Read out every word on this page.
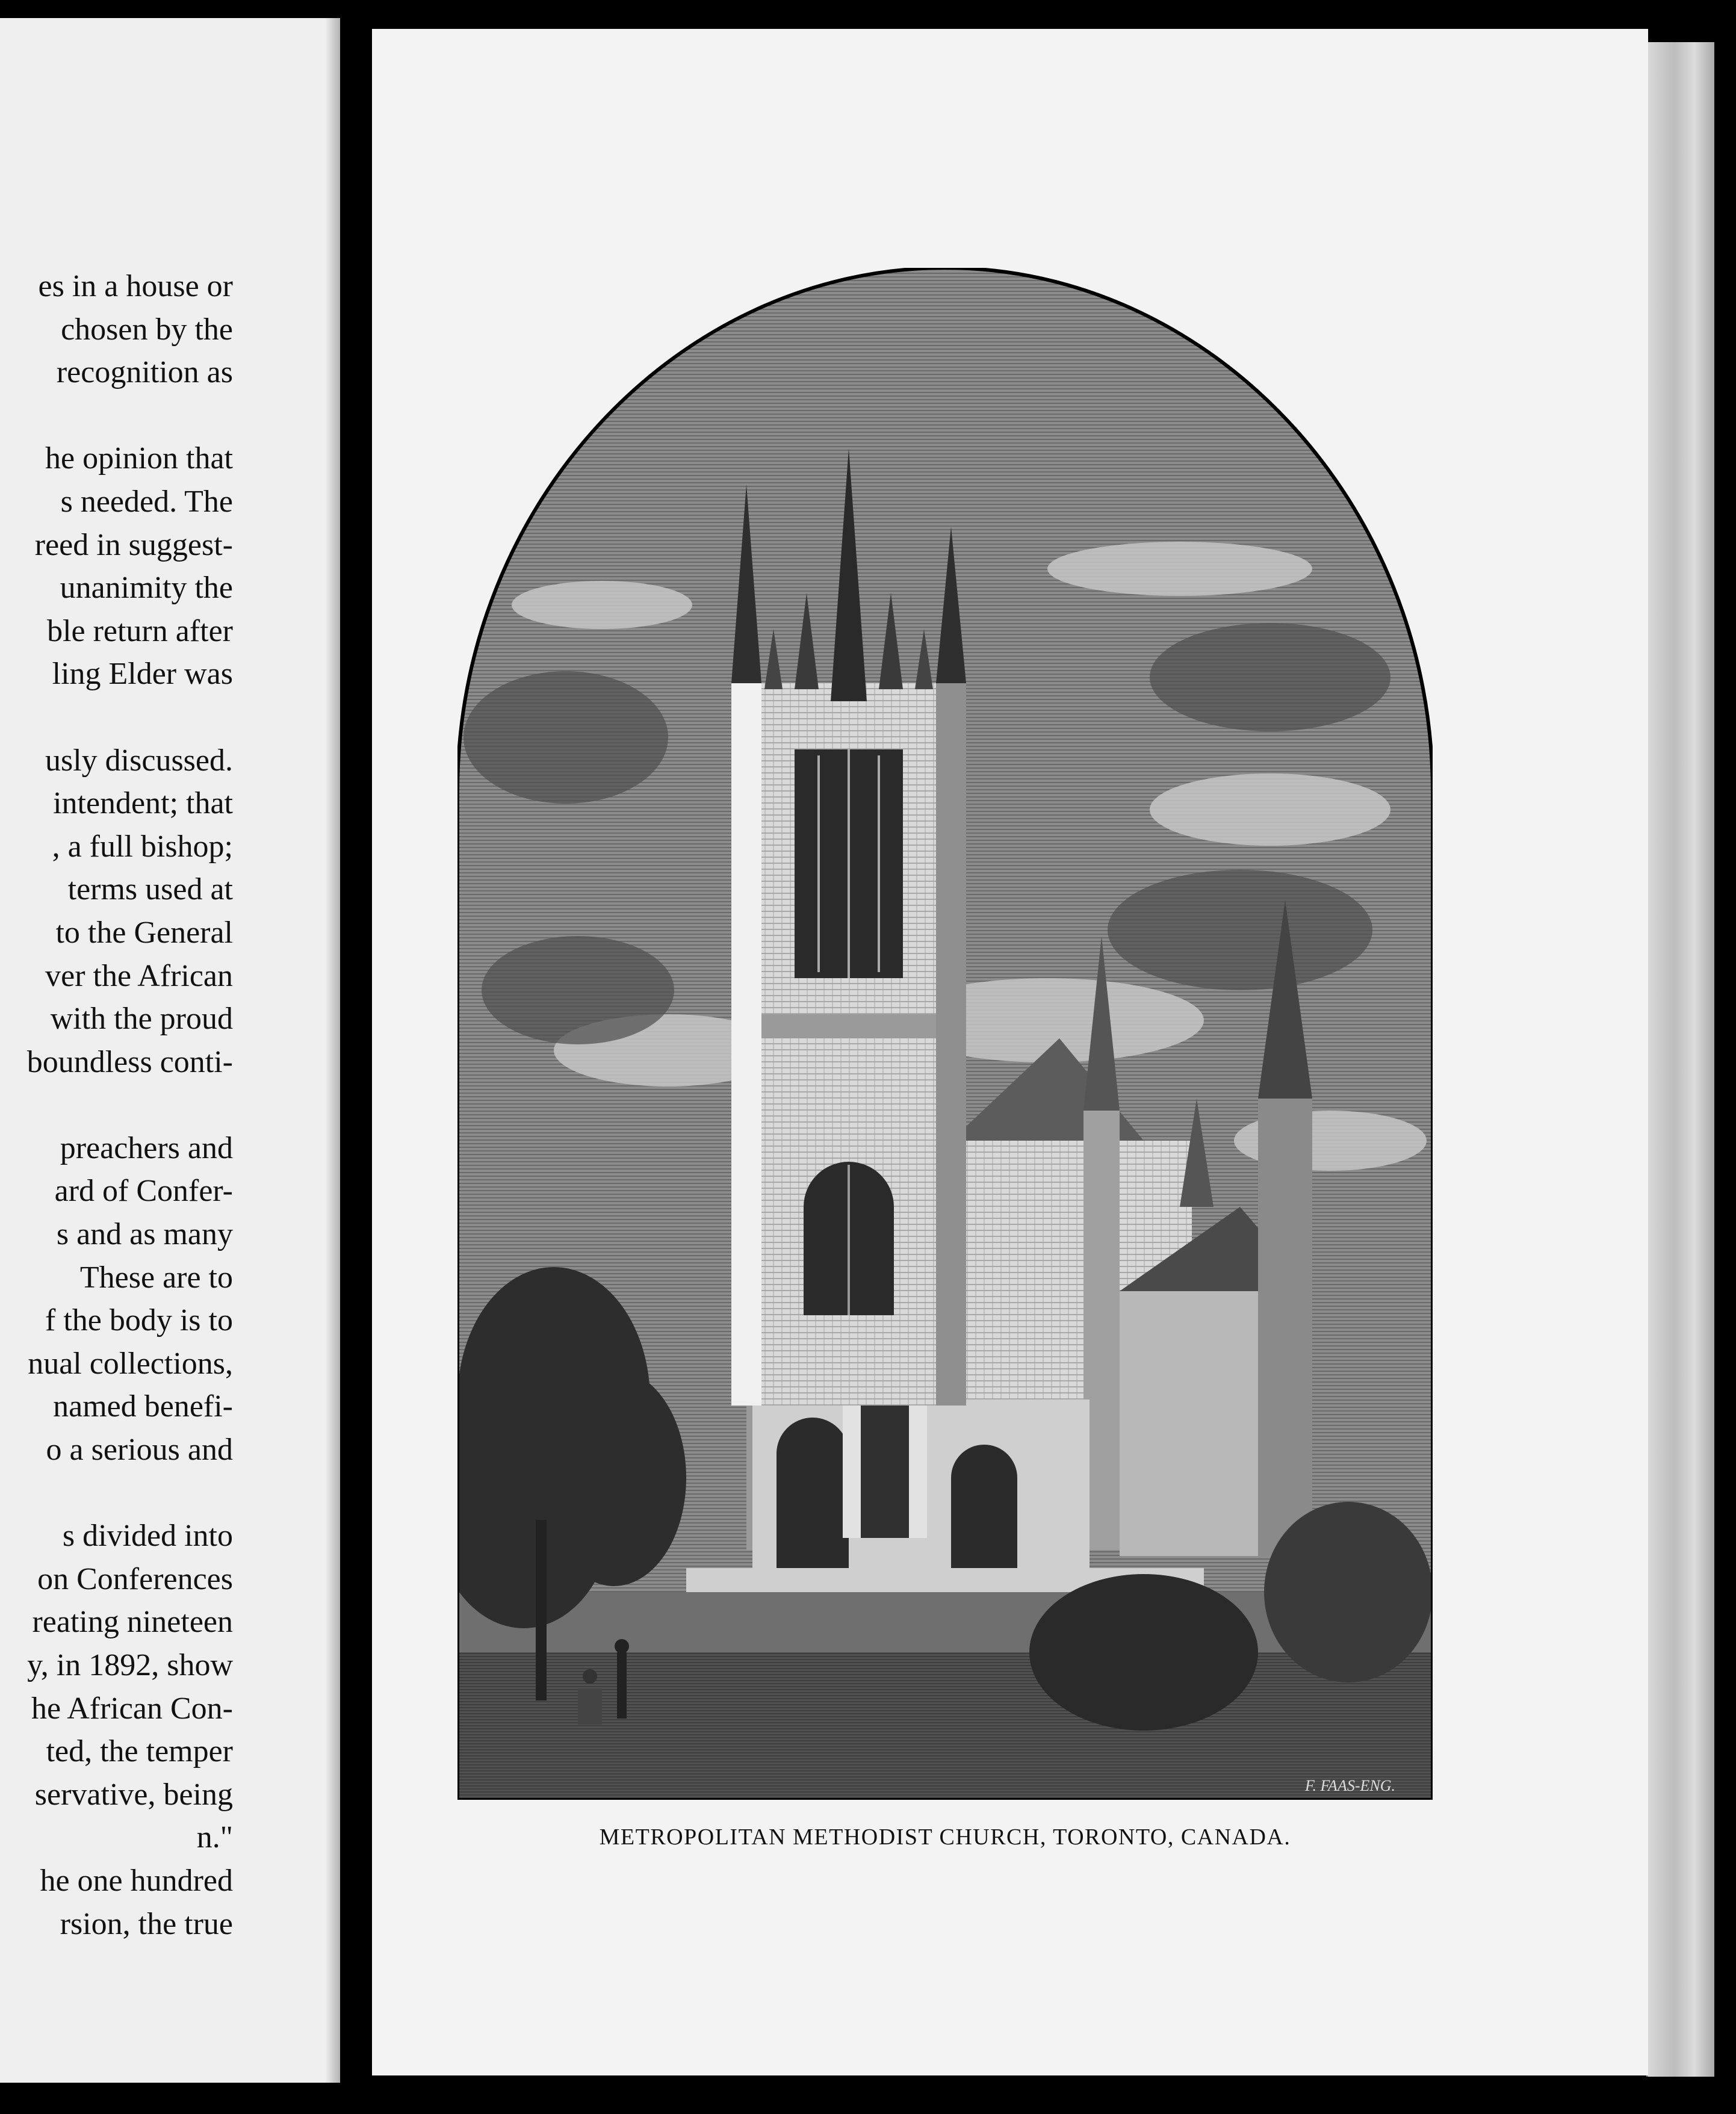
es in a house or
chosen by the
recognition as
he opinion that
s needed. The
reed in suggest-
unanimity the
ble return after
ling Elder was
usly discussed.
intendent; that
, a full bishop;
terms used at
to the General
ver the African
with the proud
boundless conti-
preachers and
ard of Confer-
s and as many
These are to
f the body is to
nual collections,
named benefi-
o a serious and
s divided into
on Conferences
reating nineteen
y, in 1892, show
he African Con-
ted, the temper
servative, being
n."
he one hundred
rsion, the true
F. FAAS-ENG.
METROPOLITAN METHODIST CHURCH, TORONTO, CANADA.
